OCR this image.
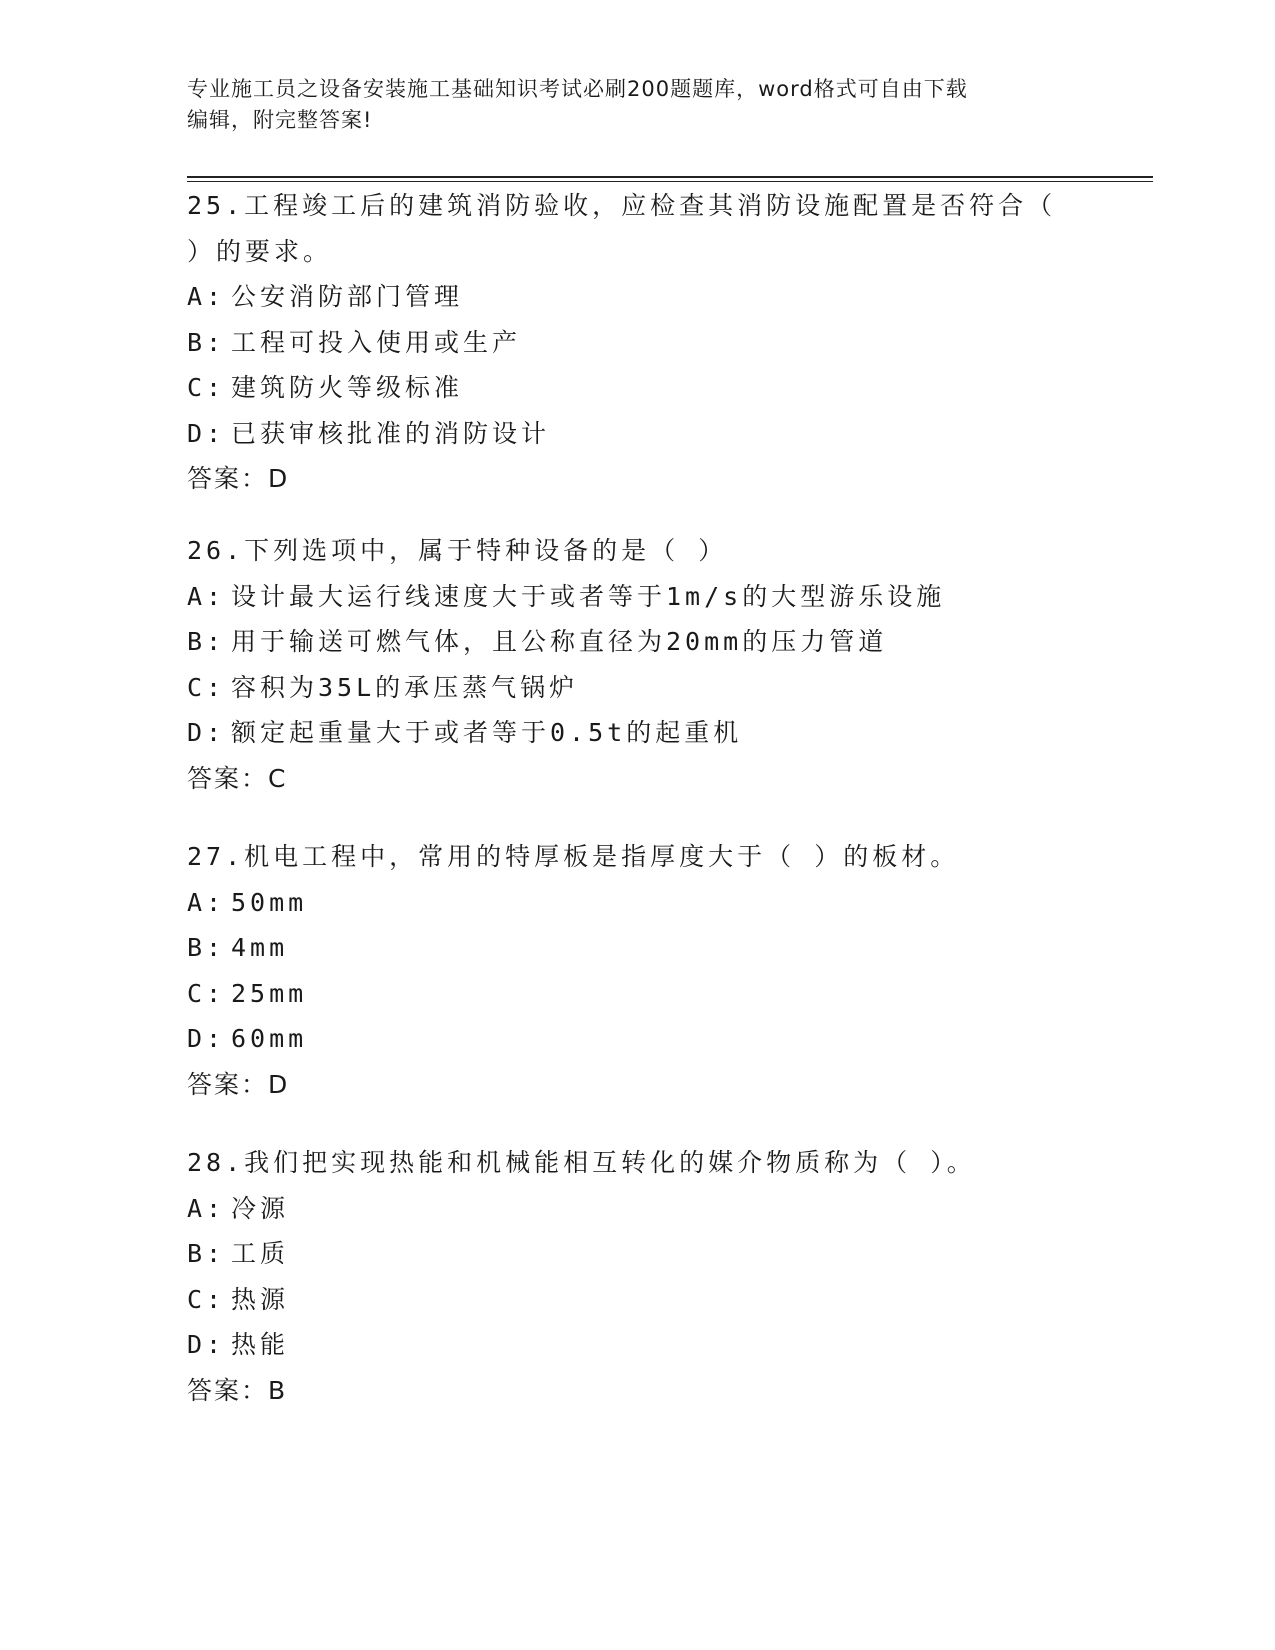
专业施工员之设备安装施工基础知识考试必刷200题题库，word格式可自由下载
编辑，附完整答案!
25.工程竣工后的建筑消防验收，应检查其消防设施配置是否符合（ ）的要求。
A: 公安消防部门管理
B: 工程可投入使用或生产
C: 建筑防火等级标准
D: 已获审核批准的消防设计
答案：D
26.下列选项中，属于特种设备的是（ ）
A: 设计最大运行线速度大于或者等于1m/s的大型游乐设施
B: 用于输送可燃气体，且公称直径为20mm的压力管道
C: 容积为35L的承压蒸气锅炉
D: 额定起重量大于或者等于0.5t的起重机
答案：C
27.机电工程中，常用的特厚板是指厚度大于（ ）的板材。
A: 50mm
B: 4mm
C: 25mm
D: 60mm
答案：D
28.我们把实现热能和机械能相互转化的媒介物质称为（ ）。
A: 冷源
B: 工质
C: 热源
D: 热能
答案：B
